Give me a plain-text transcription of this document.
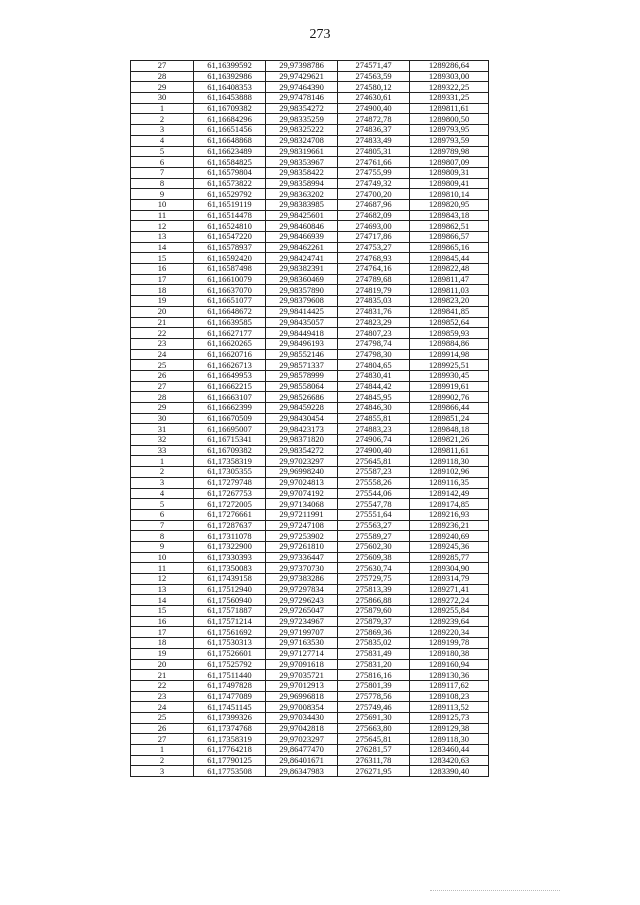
273
27	61,16399592	29,97398786	274571,47	1289286,64
28	61,16392986	29,97429621	274563,59	1289303,00
29	61,16408353	29,97464390	274580,12	1289322,25
30	61,16453888	29,97478146	274630,61	1289331,25
1	61,16709382	29,98354272	274900,40	1289811,61
2	61,16684296	29,98335259	274872,78	1289800,50
3	61,16651456	29,98325222	274836,37	1289793,95
4	61,16648868	29,98324708	274833,49	1289793,59
5	61,16623489	29,98319661	274805,31	1289789,98
6	61,16584825	29,98353967	274761,66	1289807,09
7	61,16579804	29,98358422	274755,99	1289809,31
8	61,16573822	29,98358994	274749,32	1289809,41
9	61,16529792	29,98363202	274700,20	1289810,14
10	61,16519119	29,98383985	274687,96	1289820,95
11	61,16514478	29,98425601	274682,09	1289843,18
12	61,16524810	29,98460846	274693,00	1289862,51
13	61,16547220	29,98466939	274717,86	1289866,57
14	61,16578937	29,98462261	274753,27	1289865,16
15	61,16592420	29,98424741	274768,93	1289845,44
16	61,16587498	29,98382391	274764,16	1289822,48
17	61,16610079	29,98360469	274789,68	1289811,47
18	61,16637070	29,98357890	274819,79	1289811,03
19	61,16651077	29,98379608	274835,03	1289823,20
20	61,16648672	29,98414425	274831,76	1289841,85
21	61,16639585	29,98435057	274823,29	1289852,64
22	61,16627177	29,98449418	274807,23	1289859,93
23	61,16620265	29,98496193	274798,74	1289884,86
24	61,16620716	29,98552146	274798,30	1289914,98
25	61,16626713	29,98571337	274804,65	1289925,51
26	61,16649953	29,98578999	274830,41	1289930,45
27	61,16662215	29,98558064	274844,42	1289919,61
28	61,16663107	29,98526686	274845,95	1289902,76
29	61,16662399	29,98459228	274846,30	1289866,44
30	61,16670509	29,98430454	274855,81	1289851,24
31	61,16695007	29,98423173	274883,23	1289848,18
32	61,16715341	29,98371820	274906,74	1289821,26
33	61,16709382	29,98354272	274900,40	1289811,61
1	61,17358319	29,97023297	275645,81	1289118,30
2	61,17305355	29,96998240	275587,23	1289102,96
3	61,17279748	29,97024813	275558,26	1289116,35
4	61,17267753	29,97074192	275544,06	1289142,49
5	61,17272005	29,97134068	275547,78	1289174,85
6	61,17276661	29,97211991	275551,64	1289216,93
7	61,17287637	29,97247108	275563,27	1289236,21
8	61,17311078	29,97253902	275589,27	1289240,69
9	61,17322900	29,97261810	275602,30	1289245,36
10	61,17330393	29,97336447	275609,38	1289285,77
11	61,17350083	29,97370730	275630,74	1289304,90
12	61,17439158	29,97383286	275729,75	1289314,79
13	61,17512940	29,97297834	275813,39	1289271,41
14	61,17560940	29,97296243	275866,88	1289272,24
15	61,17571887	29,97265047	275879,60	1289255,84
16	61,17571214	29,97234967	275879,37	1289239,64
17	61,17561692	29,97199707	275869,36	1289220,34
18	61,17530313	29,97163530	275835,02	1289199,78
19	61,17526601	29,97127714	275831,49	1289180,38
20	61,17525792	29,97091618	275831,20	1289160,94
21	61,17511440	29,97035721	275816,16	1289130,36
22	61,17497828	29,97012913	275801,39	1289117,62
23	61,17477089	29,96996818	275778,56	1289108,23
24	61,17451145	29,97008354	275749,46	1289113,52
25	61,17399326	29,97034430	275691,30	1289125,73
26	61,17374768	29,97042818	275663,80	1289129,38
27	61,17358319	29,97023297	275645,81	1289118,30
1	61,17764218	29,86477470	276281,57	1283460,44
2	61,17790125	29,86401671	276311,78	1283420,63
3	61,17753508	29,86347983	276271,95	1283390,40
